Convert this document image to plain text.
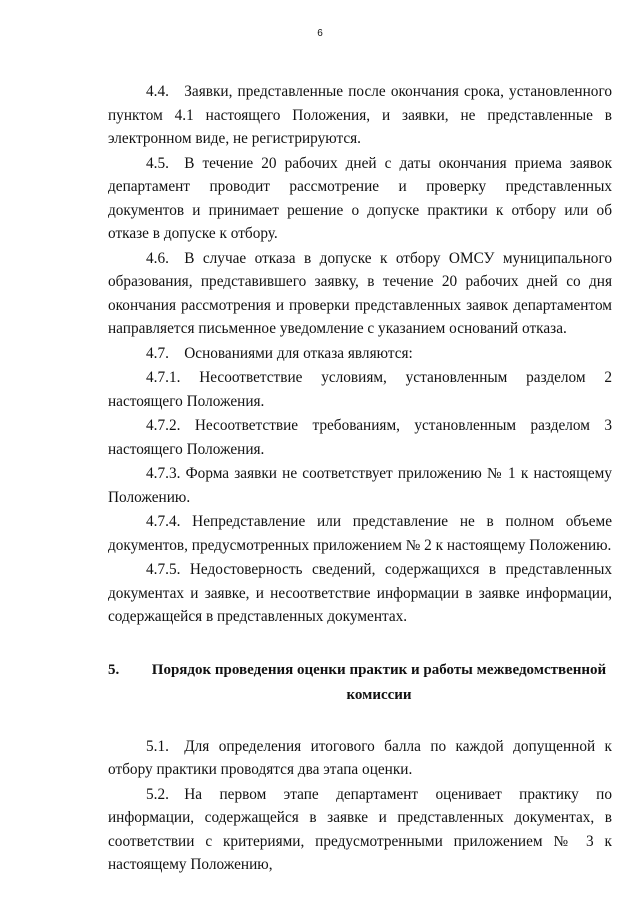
6

4.4. Заявки, представленные после окончания срока, установленного пунктом 4.1 настоящего Положения, и заявки, не представленные в электронном виде, не регистрируются.

4.5. В течение 20 рабочих дней с даты окончания приема заявок департамент проводит рассмотрение и проверку представленных документов и принимает решение о допуске практики к отбору или об отказе в допуске к отбору.

4.6. В случае отказа в допуске к отбору ОМСУ муниципального образования, представившего заявку, в течение 20 рабочих дней со дня окончания рассмотрения и проверки представленных заявок департаментом направляется письменное уведомление с указанием оснований отказа.

4.7. Основаниями для отказа являются:

4.7.1. Несоответствие условиям, установленным разделом 2 настоящего Положения.

4.7.2. Несоответствие требованиям, установленным разделом 3 настоящего Положения.

4.7.3. Форма заявки не соответствует приложению № 1 к настоящему Положению.

4.7.4. Непредставление или представление не в полном объеме документов, предусмотренных приложением № 2 к настоящему Положению.

4.7.5. Недостоверность сведений, содержащихся в представленных документах и заявке, и несоответствие информации в заявке информации, содержащейся в представленных документах.

5.	Порядок проведения оценки практик и работы межведомственной комиссии

5.1. Для определения итогового балла по каждой допущенной к отбору практики проводятся два этапа оценки.

5.2. На первом этапе департамент оценивает практику по информации, содержащейся в заявке и представленных документах, в соответствии с критериями, предусмотренными приложением № 3 к настоящему Положению,
